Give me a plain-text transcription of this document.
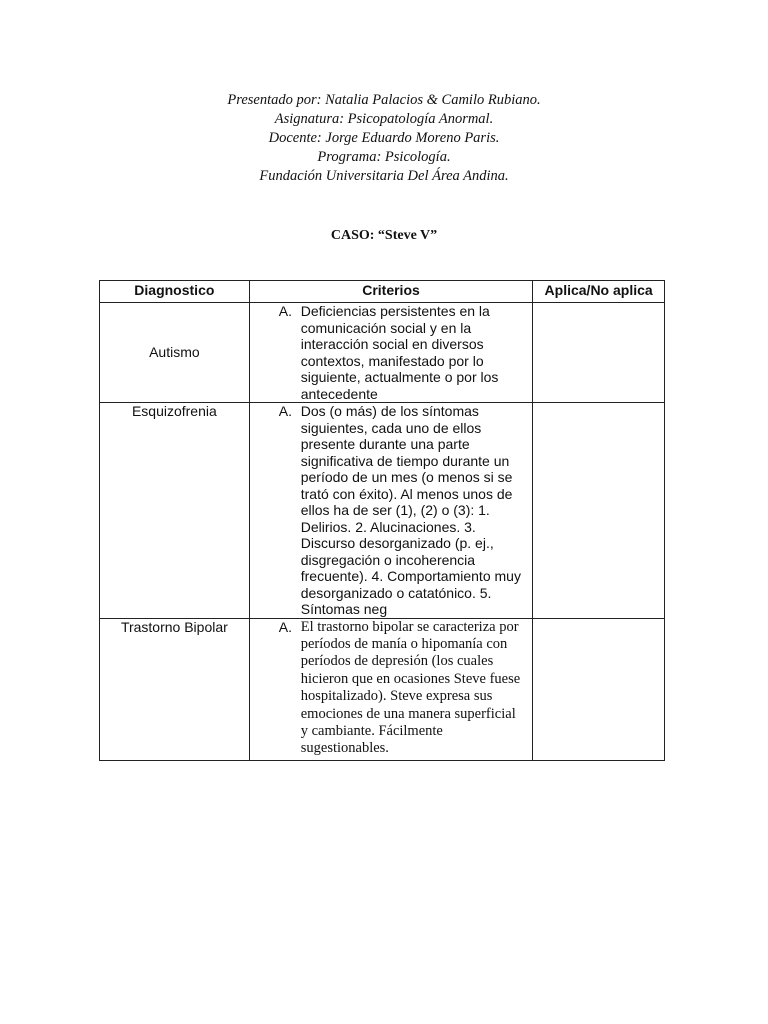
Presentado por: Natalia Palacios & Camilo Rubiano.
Asignatura: Psicopatología Anormal.
Docente: Jorge Eduardo Moreno Paris.
Programa: Psicología.
Fundación Universitaria Del Área Andina.
CASO: “Steve V”
Diagnostico	Criterios	Aplica/No aplica
Autismo	A. Deficiencias persistentes en la comunicación social y en la interacción social en diversos contextos, manifestado por lo siguiente, actualmente o por los antecedente	

Esquizofrenia	A. Dos (o más) de los síntomas siguientes, cada uno de ellos presente durante una parte significativa de tiempo durante un período de un mes (o menos si se trató con éxito). Al menos unos de ellos ha de ser (1), (2) o (3): 1. Delirios. 2. Alucinaciones. 3. Discurso desorganizado (p. ej., disgregación o incoherencia frecuente). 4. Comportamiento muy desorganizado o catatónico. 5. Síntomas neg	

Trastorno Bipolar	A. El trastorno bipolar se caracteriza por períodos de manía o hipomanía con períodos de depresión (los cuales hicieron que en ocasiones Steve fuese hospitalizado). Steve expresa sus emociones de una manera superficial y cambiante. Fácilmente sugestionables.	
